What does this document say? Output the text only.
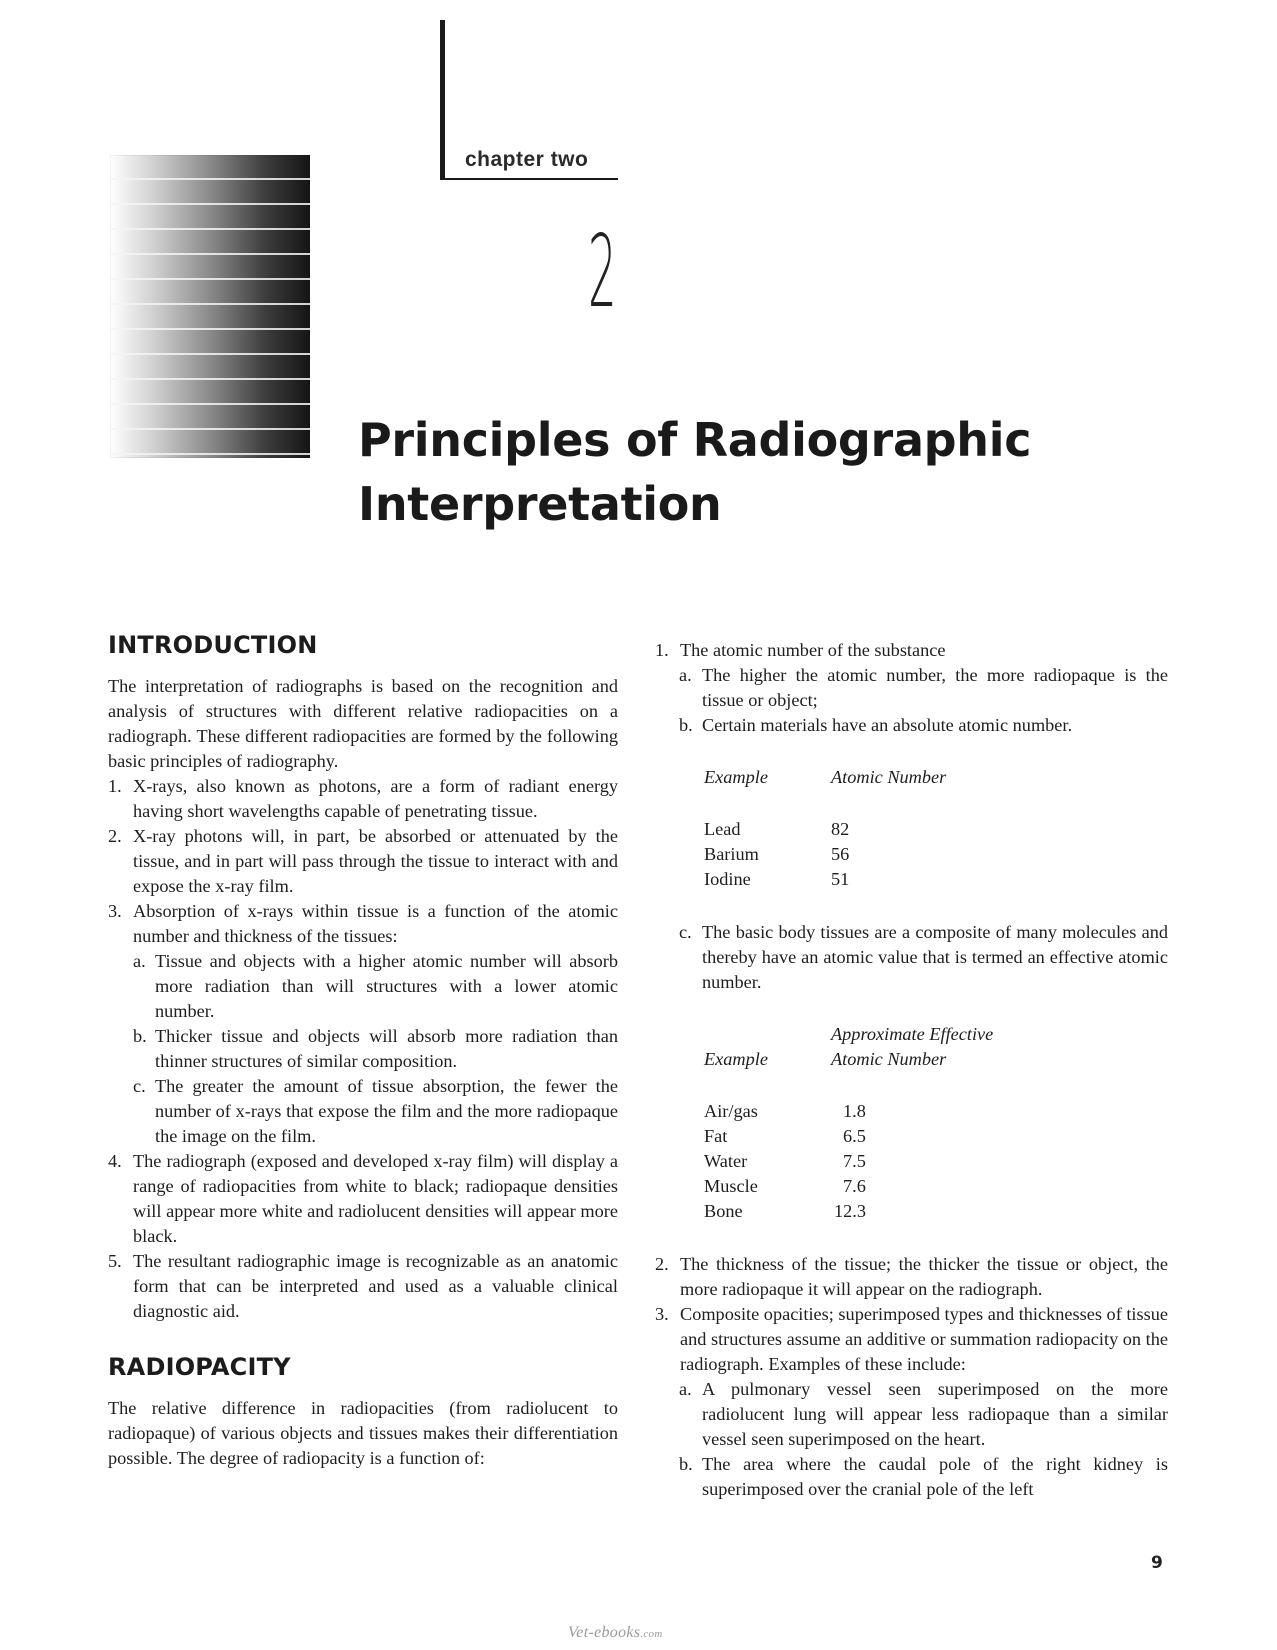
chapter two
2
Principles of Radiographic
Interpretation
INTRODUCTION

The interpretation of radiographs is based on the recognition and analysis of structures with different relative radiopacities on a radiograph. These different radiopacities are formed by the following basic principles of radiography.

1. X-rays, also known as photons, are a form of radiant energy having short wavelengths capable of penetrating tissue.
2. X-ray photons will, in part, be absorbed or attenuated by the tissue, and in part will pass through the tissue to interact with and expose the x-ray film.
3. Absorption of x-rays within tissue is a function of the atomic number and thickness of the tissues:
a. Tissue and objects with a higher atomic number will absorb more radiation than will structures with a lower atomic number.
b. Thicker tissue and objects will absorb more radiation than thinner structures of similar composition.
c. The greater the amount of tissue absorption, the fewer the number of x-rays that expose the film and the more radiopaque the image on the film.
4. The radiograph (exposed and developed x-ray film) will display a range of radiopacities from white to black; radiopaque densities will appear more white and radiolucent densities will appear more black.
5. The resultant radiographic image is recognizable as an anatomic form that can be interpreted and used as a valuable clinical diagnostic aid.
RADIOPACITY

The relative difference in radiopacities (from radiolucent to radiopaque) of various objects and tissues makes their differentiation possible. The degree of radiopacity is a function of:

1. The atomic number of the substance
a. The higher the atomic number, the more radiopaque is the tissue or object;
b. Certain materials have an absolute atomic number.
Example	Atomic Number
Lead	82
Barium	56
Iodine	51
c. The basic body tissues are a composite of many molecules and thereby have an atomic value that is termed an effective atomic number.
Approximate Effective
Example	Atomic Number
Air/gas	1.8
Fat	6.5
Water	7.5
Muscle	7.6
Bone	12.3
2. The thickness of the tissue; the thicker the tissue or object, the more radiopaque it will appear on the radiograph.
3. Composite opacities; superimposed types and thicknesses of tissue and structures assume an additive or summation radiopacity on the radiograph. Examples of these include:
a. A pulmonary vessel seen superimposed on the more radiolucent lung will appear less radiopaque than a similar vessel seen superimposed on the heart.
b. The area where the caudal pole of the right kidney is superimposed over the cranial pole of the left
9
Vet-ebooks.com
